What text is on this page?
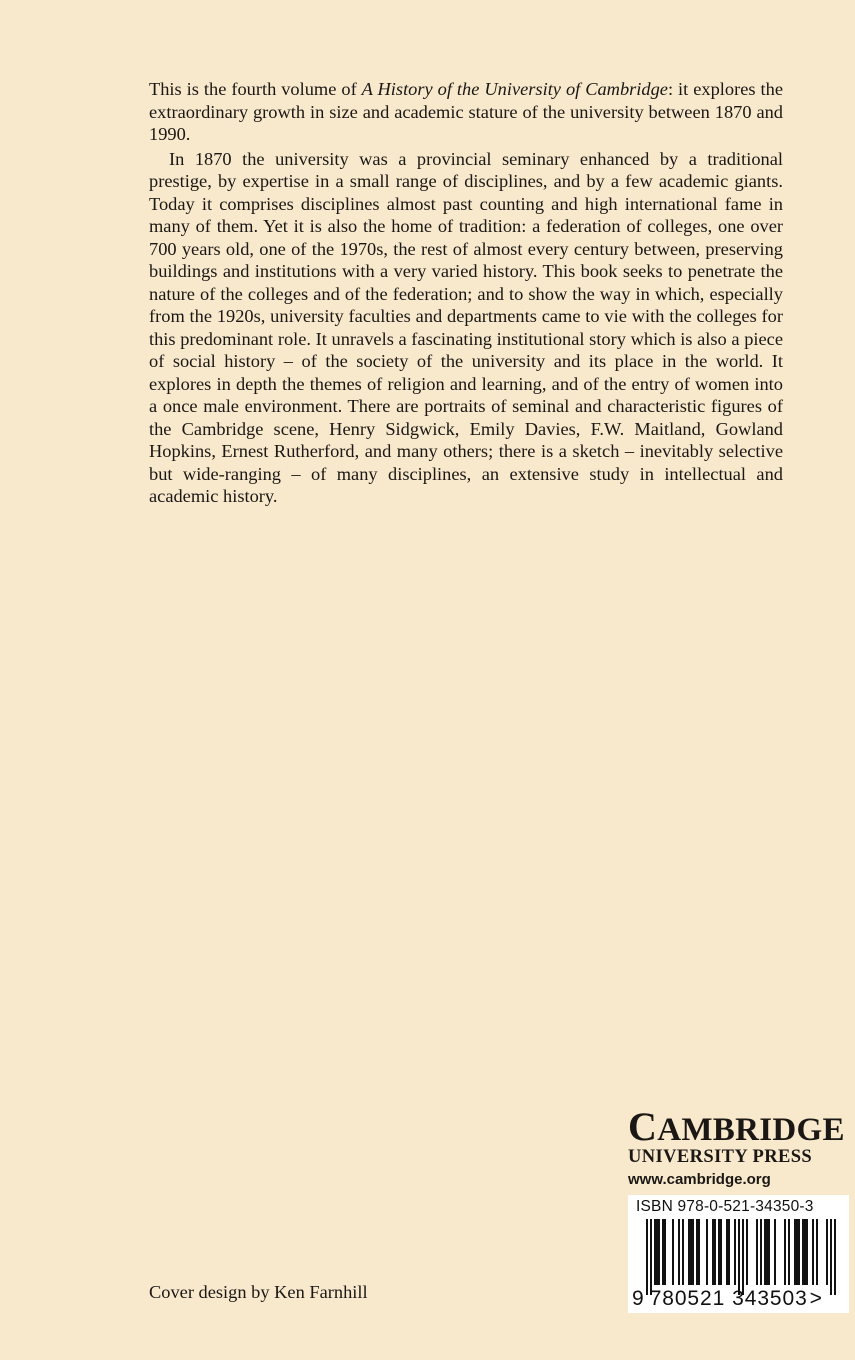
This is the fourth volume of A History of the University of Cambridge: it explores the extraordinary growth in size and academic stature of the university between 1870 and 1990.

In 1870 the university was a provincial seminary enhanced by a traditional prestige, by expertise in a small range of disciplines, and by a few academic giants. Today it comprises disciplines almost past counting and high international fame in many of them. Yet it is also the home of tradition: a federation of colleges, one over 700 years old, one of the 1970s, the rest of almost every century between, preserving buildings and institutions with a very varied history. This book seeks to penetrate the nature of the colleges and of the federation; and to show the way in which, especially from the 1920s, university faculties and departments came to vie with the colleges for this predominant role. It unravels a fascinating institutional story which is also a piece of social history – of the society of the university and its place in the world. It explores in depth the themes of religion and learning, and of the entry of women into a once male environment. There are portraits of seminal and characteristic figures of the Cambridge scene, Henry Sidgwick, Emily Davies, F.W. Maitland, Gowland Hopkins, Ernest Rutherford, and many others; there is a sketch – inevitably selective but wide-ranging – of many disciplines, an extensive study in intellectual and academic history.

Cover design by Ken Farnhill
CAMBRIDGE
UNIVERSITY PRESS
www.cambridge.org
ISBN 978-0-521-34350-3
9 780521 343503>
